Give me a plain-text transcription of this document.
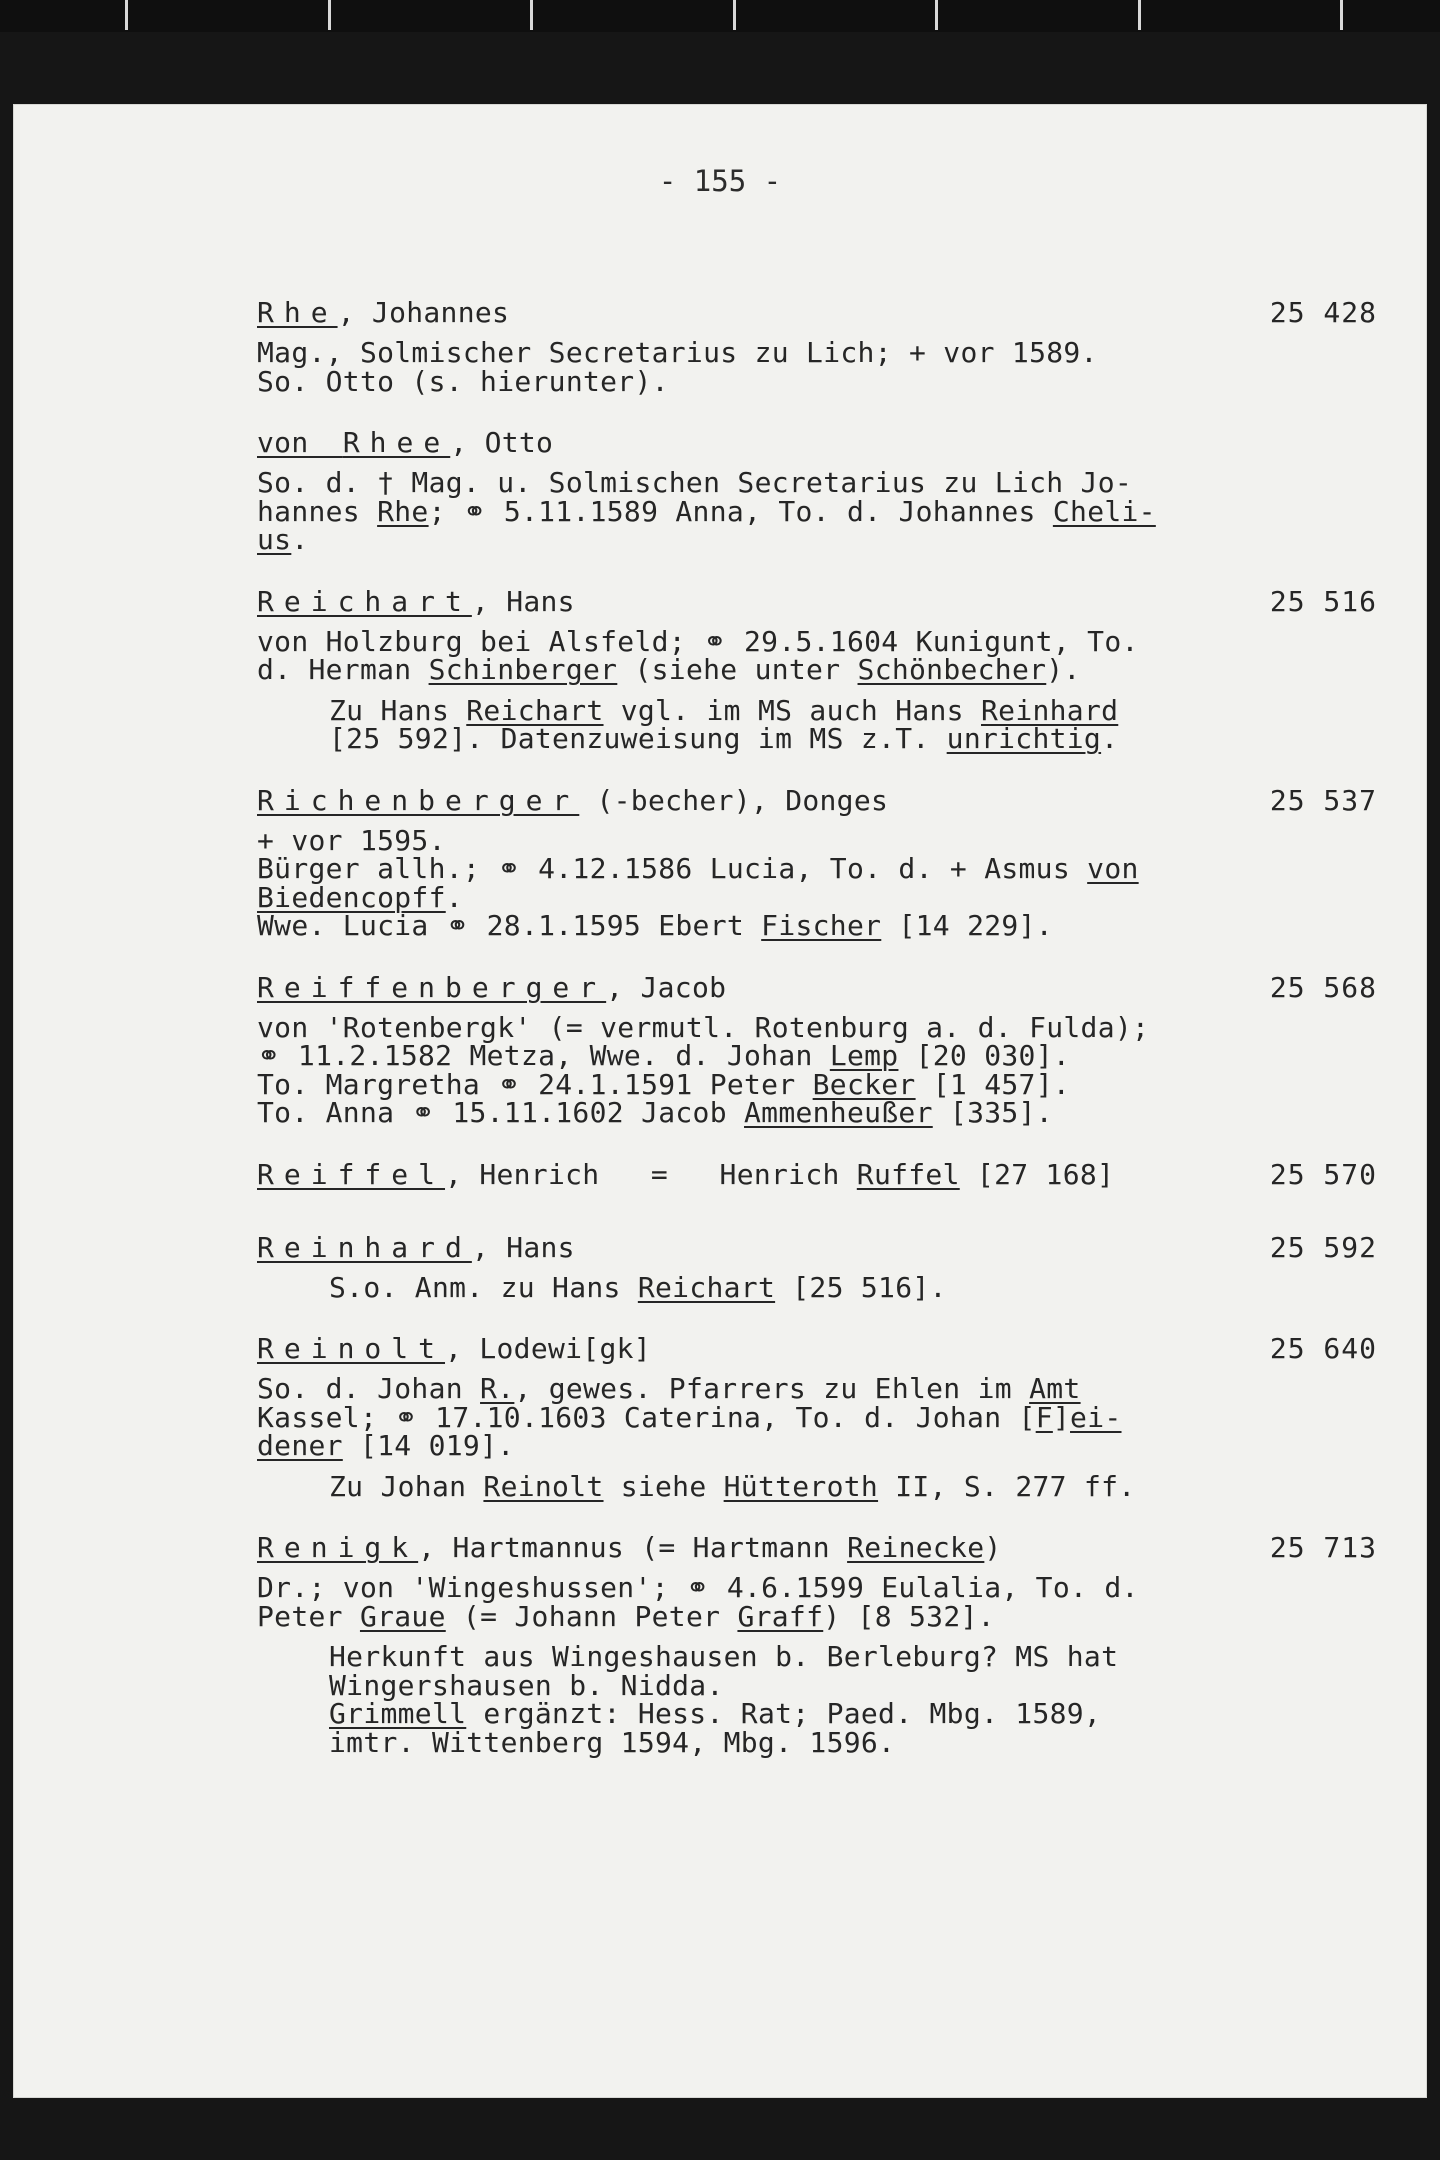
- 155 -
Rhe, Johannes	25 428
Mag., Solmischer Secretarius zu Lich; + vor 1589.
So. Otto (s. hierunter).
von Rhee, Otto
So. d. † Mag. u. Solmischen Secretarius zu Lich Jo-
hannes Rhe; ⚭ 5.11.1589 Anna, To. d. Johannes Cheli-
us.
Reichart, Hans	25 516
von Holzburg bei Alsfeld; ⚭ 29.5.1604 Kunigunt, To.
d. Herman Schinberger (siehe unter Schönbecher).
Zu Hans Reichart vgl. im MS auch Hans Reinhard
[25 592]. Datenzuweisung im MS z.T. unrichtig.
Richenberger (-becher), Donges	25 537
+ vor 1595.
Bürger allh.; ⚭ 4.12.1586 Lucia, To. d. + Asmus von
Biedencopff.
Wwe. Lucia ⚭ 28.1.1595 Ebert Fischer [14 229].
Reiffenberger, Jacob	25 568
von 'Rotenbergk' (= vermutl. Rotenburg a. d. Fulda);
⚭ 11.2.1582 Metza, Wwe. d. Johan Lemp [20 030].
To. Margretha ⚭ 24.1.1591 Peter Becker [1 457].
To. Anna ⚭ 15.11.1602 Jacob Ammenheußer [335].
Reiffel, Henrich   =   Henrich Ruffel [27 168]	25 570
Reinhard, Hans	25 592
S.o. Anm. zu Hans Reichart [25 516].
Reinolt, Lodewi[gk]	25 640
So. d. Johan R., gewes. Pfarrers zu Ehlen im Amt
Kassel; ⚭ 17.10.1603 Caterina, To. d. Johan [F]ei-
dener [14 019].
Zu Johan Reinolt siehe Hütteroth II, S. 277 ff.
Renigk, Hartmannus (= Hartmann Reinecke)	25 713
Dr.; von 'Wingeshussen'; ⚭ 4.6.1599 Eulalia, To. d.
Peter Graue (= Johann Peter Graff) [8 532].
Herkunft aus Wingeshausen b. Berleburg? MS hat
Wingershausen b. Nidda.
Grimmell ergänzt: Hess. Rat; Paed. Mbg. 1589,
imtr. Wittenberg 1594, Mbg. 1596.
